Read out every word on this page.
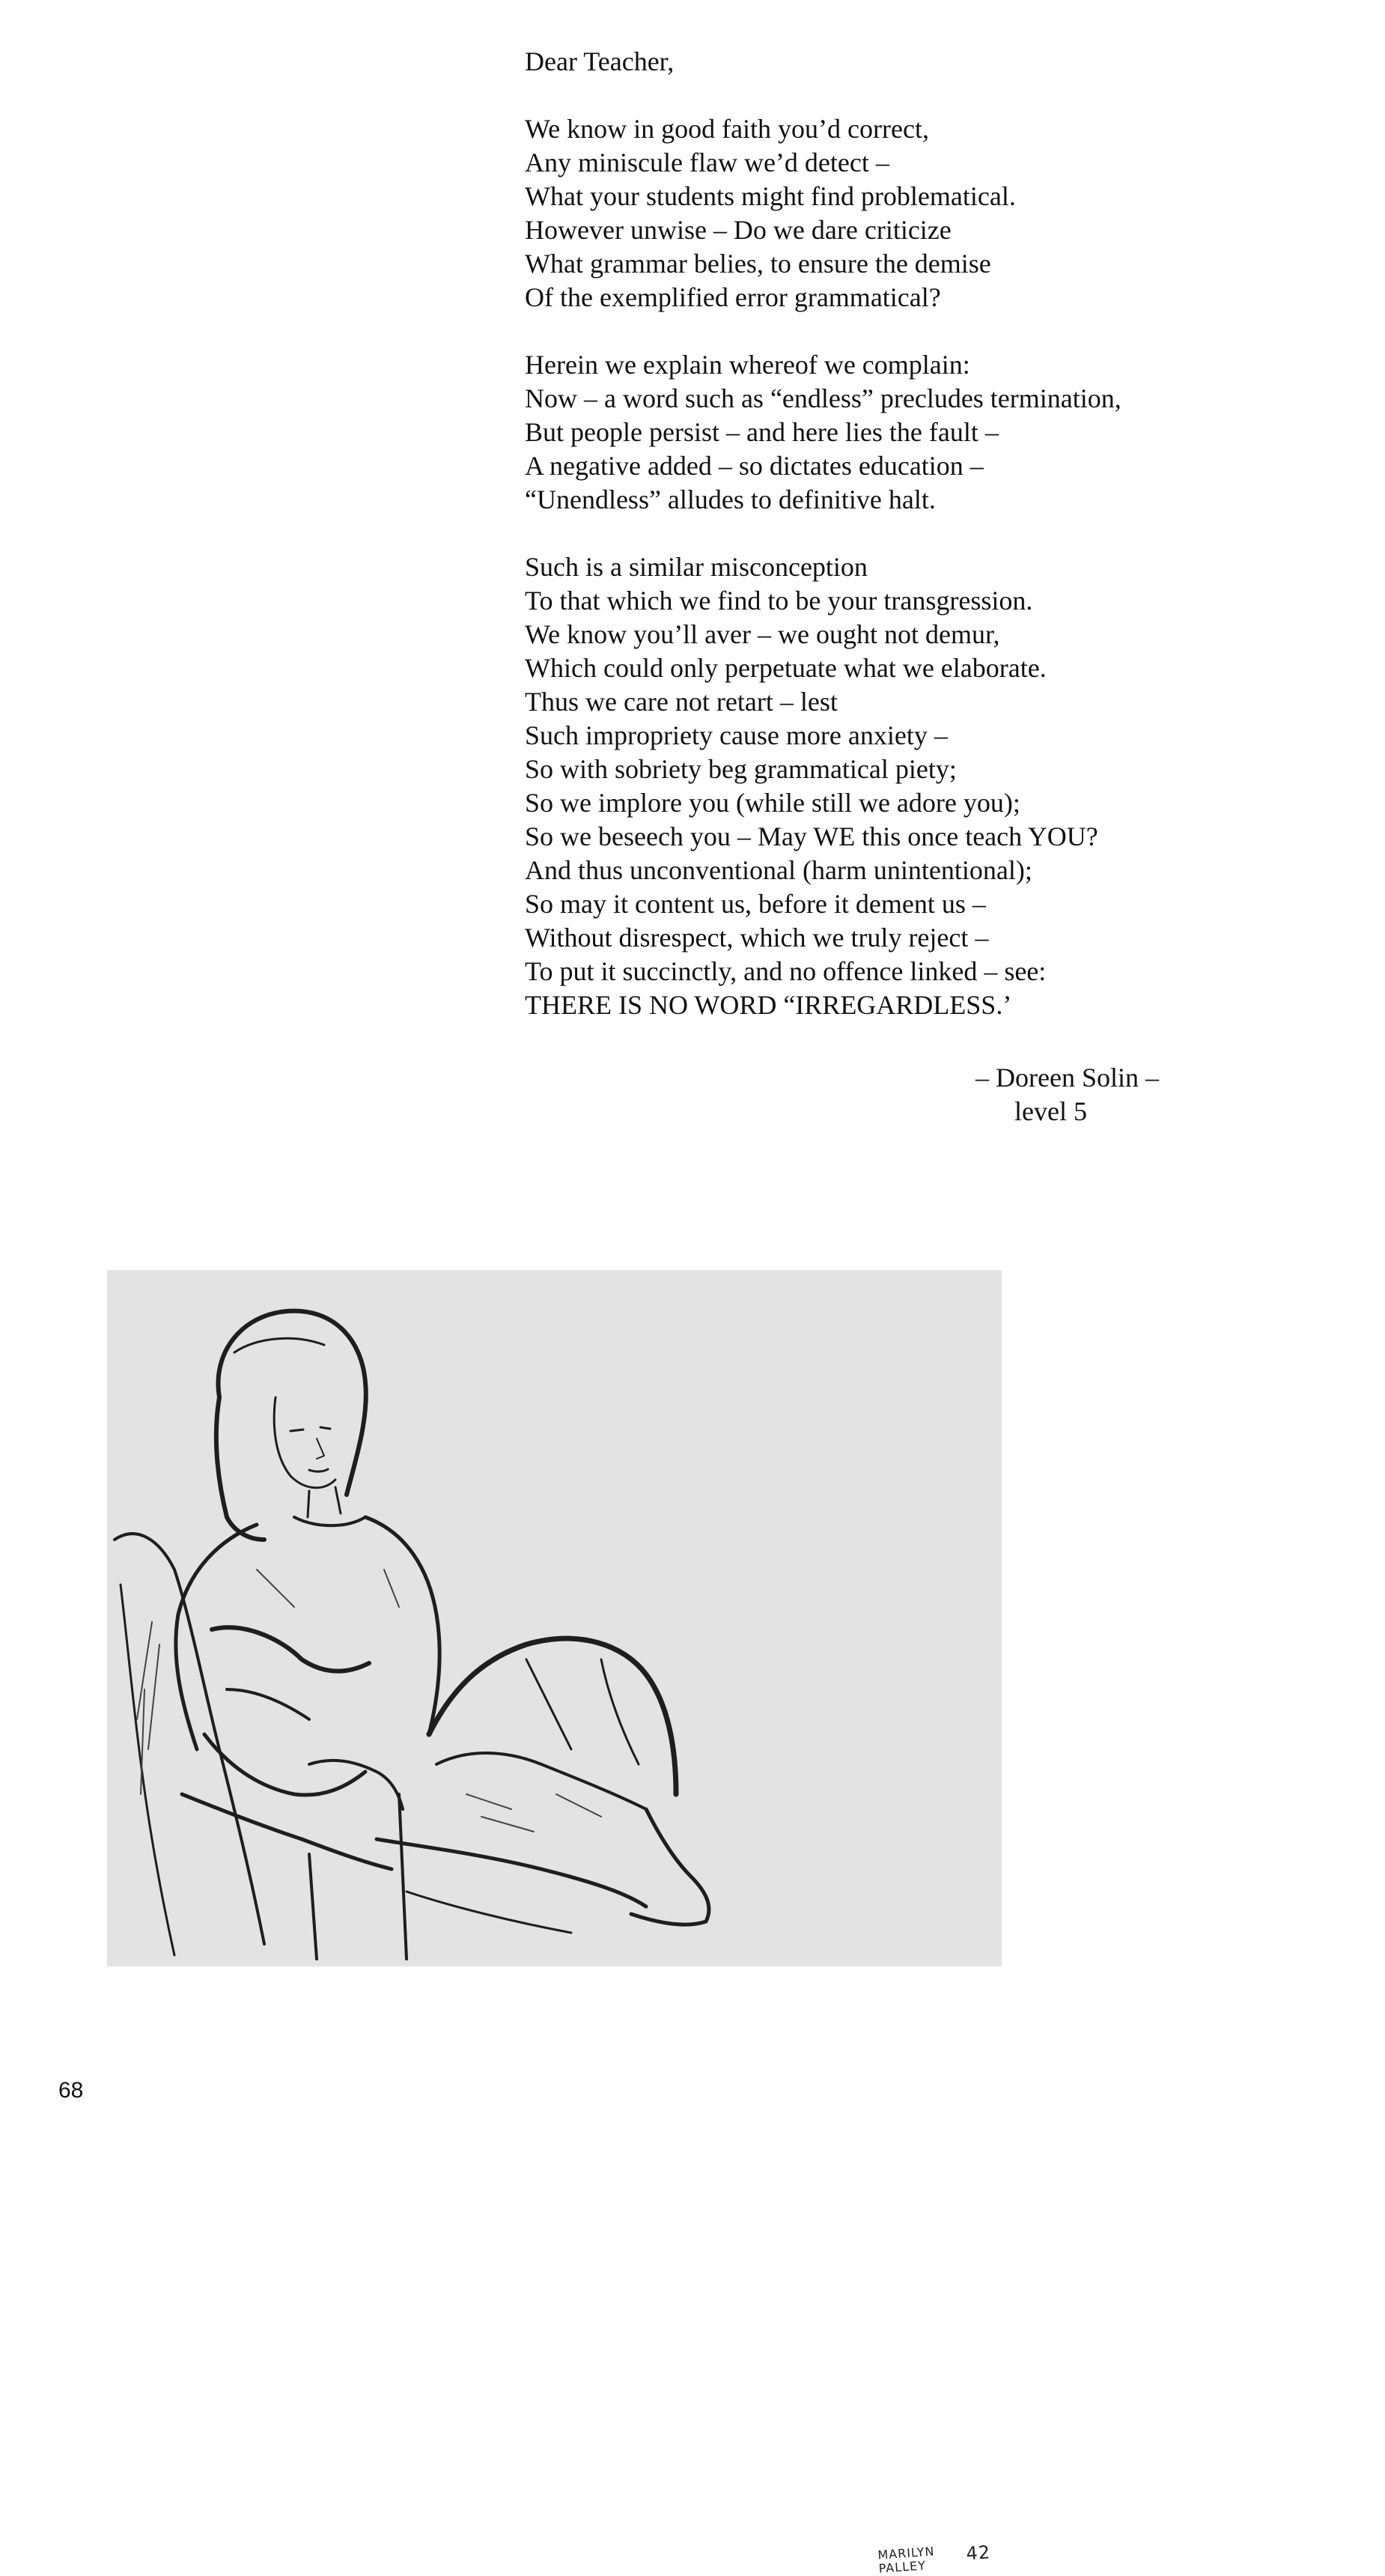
Dear Teacher,
We know in good faith you’d correct,
Any miniscule flaw we’d detect –
What your students might find problematical.
However unwise – Do we dare criticize
What grammar belies, to ensure the demise
Of the exemplified error grammatical?
Herein we explain whereof we complain:
Now – a word such as “endless” precludes termination,
But people persist – and here lies the fault –
A negative added – so dictates education –
“Unendless” alludes to definitive halt.
Such is a similar misconception
To that which we find to be your transgression.
We know you’ll aver – we ought not demur,
Which could only perpetuate what we elaborate.
Thus we care not retart – lest
Such impropriety cause more anxiety –
So with sobriety beg grammatical piety;
So we implore you (while still we adore you);
So we beseech you – May WE this once teach YOU?
And thus unconventional (harm unintentional);
So may it content us, before it dement us –
Without disrespect, which we truly reject –
To put it succinctly, and no offence linked – see:
THERE IS NO WORD “IRREGARDLESS.’
– Doreen Solin –
level 5
MARILYN
PALLEY
42
68
